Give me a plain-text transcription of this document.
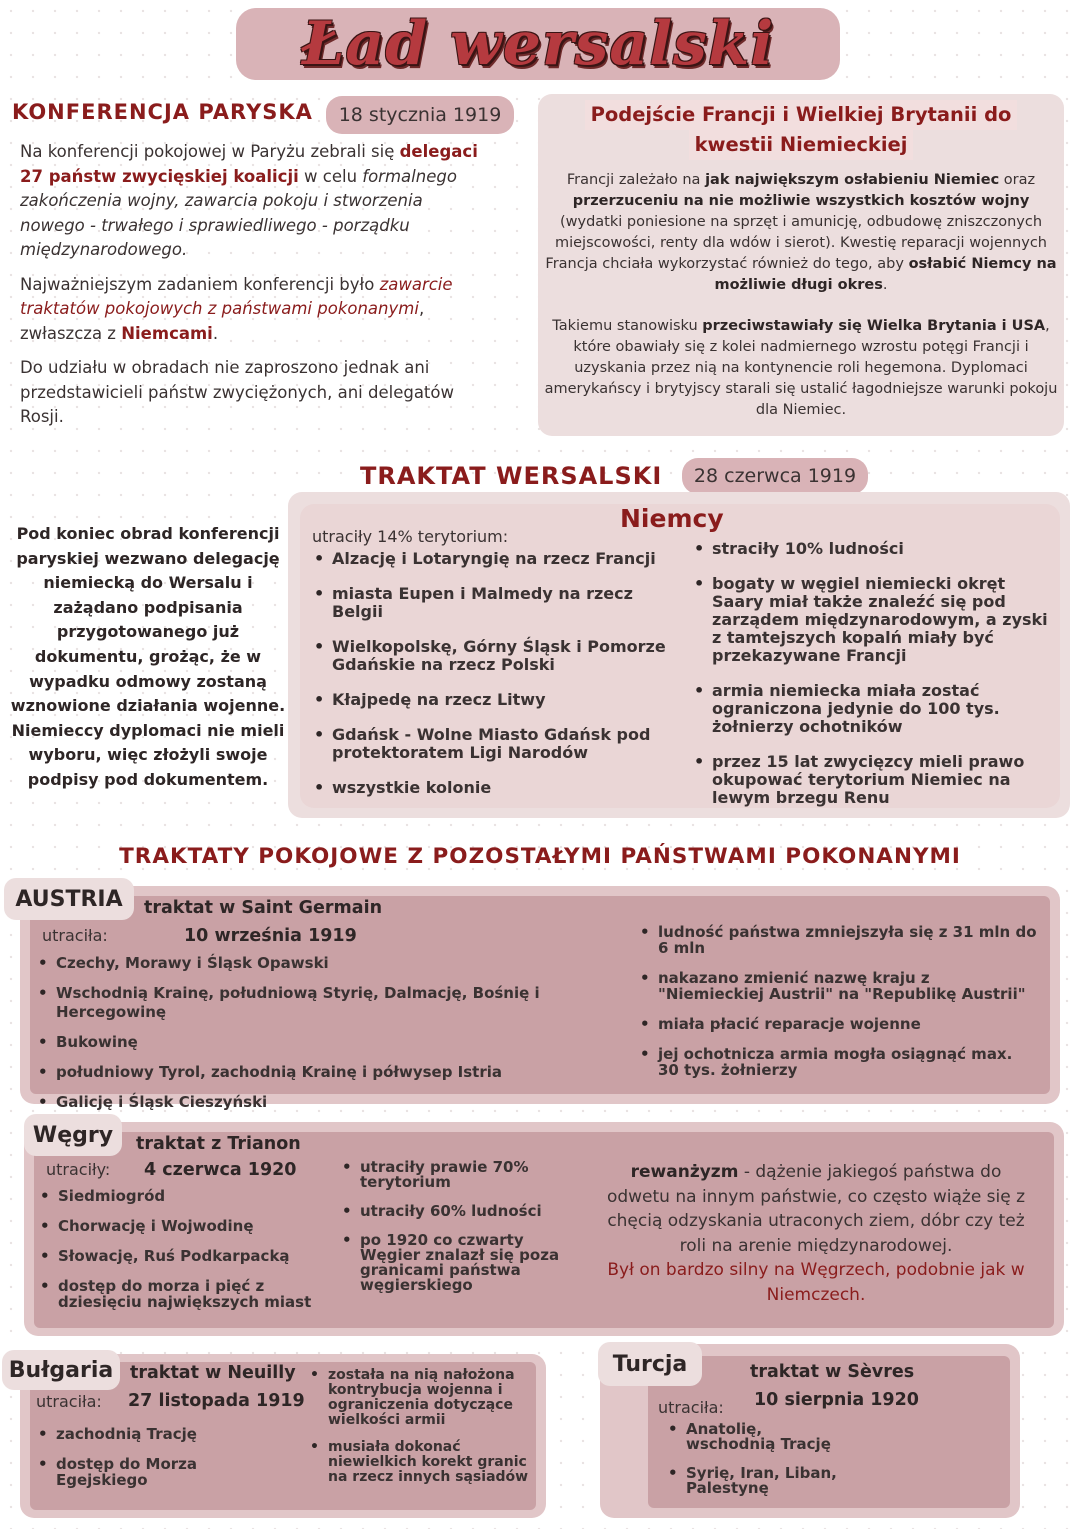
Ład wersalski
KONFERENCJA PARYSKA	18 stycznia 1919

Na konferencji pokojowej w Paryżu zebrali się delegaci 27 państw zwycięskiej koalicji w celu formalnego zakończenia wojny, zawarcia pokoju i stworzenia nowego - trwałego i sprawiedliwego - porządku międzynarodowego.

Najważniejszym zadaniem konferencji było zawarcie traktatów pokojowych z państwami pokonanymi, zwłaszcza z Niemcami.

Do udziału w obradach nie zaproszono jednak ani przedstawicieli państw zwyciężonych, ani delegatów Rosji.

Podejście Francji i Wielkiej Brytanii do
kwestii Niemieckiej

Francji zależało na jak największym osłabieniu Niemiec oraz przerzuceniu na nie możliwie wszystkich kosztów wojny (wydatki poniesione na sprzęt i amunicję, odbudowę zniszczonych miejscowości, renty dla wdów i sierot). Kwestię reparacji wojennych Francja chciała wykorzystać również do tego, aby osłabić Niemcy na możliwie długi okres.

Takiemu stanowisku przeciwstawiały się Wielka Brytania i USA, które obawiały się z kolei nadmiernego wzrostu potęgi Francji i uzyskania przez nią na kontynencie roli hegemona. Dyplomaci amerykańscy i brytyjscy starali się ustalić łagodniejsze warunki pokoju dla Niemiec.

TRAKTAT WERSALSKI	28 czerwca 1919
Pod koniec obrad konferencji paryskiej wezwano delegację niemiecką do Wersalu i zażądano podpisania przygotowanego już dokumentu, grożąc, że w wypadku odmowy zostaną wznowione działania wojenne. Niemieccy dyplomaci nie mieli wyboru, więc złożyli swoje podpisy pod dokumentem.
Niemcy
utraciły 14% terytorium:
• Alzację i Lotaryngię na rzecz Francji
• miasta Eupen i Malmedy na rzecz Belgii
• Wielkopolskę, Górny Śląsk i Pomorze Gdańskie na rzecz Polski
• Kłajpedę na rzecz Litwy
• Gdańsk - Wolne Miasto Gdańsk pod protektoratem Ligi Narodów
• wszystkie kolonie
• straciły 10% ludności
• bogaty w węgiel niemiecki okręt Saary miał także znaleźć się pod zarządem międzynarodowym, a zyski z tamtejszych kopalń miały być przekazywane Francji
• armia niemiecka miała zostać ograniczona jedynie do 100 tys. żołnierzy ochotników
• przez 15 lat zwycięzcy mieli prawo okupować terytorium Niemiec na lewym brzegu Renu
TRAKTATY POKOJOWE Z POZOSTAŁYMI PAŃSTWAMI POKONANYMI
AUSTRIA	traktat w Saint Germain
utraciła:	10 września 1919
• Czechy, Morawy i Śląsk Opawski
• Wschodnią Krainę, południową Styrię, Dalmację, Bośnię i Hercegowinę
• Bukowinę
• południowy Tyrol, zachodnią Krainę i półwysep Istria
• Galicję i Śląsk Cieszyński
• ludność państwa zmniejszyła się z 31 mln do 6 mln
• nakazano zmienić nazwę kraju z "Niemieckiej Austrii" na "Republikę Austrii"
• miała płacić reparacje wojenne
• jej ochotnicza armia mogła osiągnąć max. 30 tys. żołnierzy
Węgry	traktat z Trianon
utraciły: 4 czerwca 1920
• Siedmiogród
• Chorwację i Wojwodinę
• Słowację, Ruś Podkarpacką
• dostęp do morza i pięć z dziesięciu największych miast
• utraciły prawie 70% terytorium
• utraciły 60% ludności
• po 1920 co czwarty Węgier znalazł się poza granicami państwa węgierskiego
rewanżyzm - dążenie jakiegoś państwa do odwetu na innym państwie, co często wiąże się z chęcią odzyskania utraconych ziem, dóbr czy też roli na arenie międzynarodowej.
Był on bardzo silny na Węgrzech, podobnie jak w Niemczech.
Bułgaria traktat w Neuilly
utraciła: 27 listopada 1919
• zachodnią Trację
• dostęp do Morza Egejskiego
• została na nią nałożona kontrybucja wojenna i ograniczenia dotyczące wielkości armii
• musiała dokonać niewielkich korekt granic na rzecz innych sąsiadów
Turcja	traktat w Sèvres
utraciła: 10 sierpnia 1920
• Anatolię, wschodnią Trację
• Syrię, Iran, Liban, Palestynę
